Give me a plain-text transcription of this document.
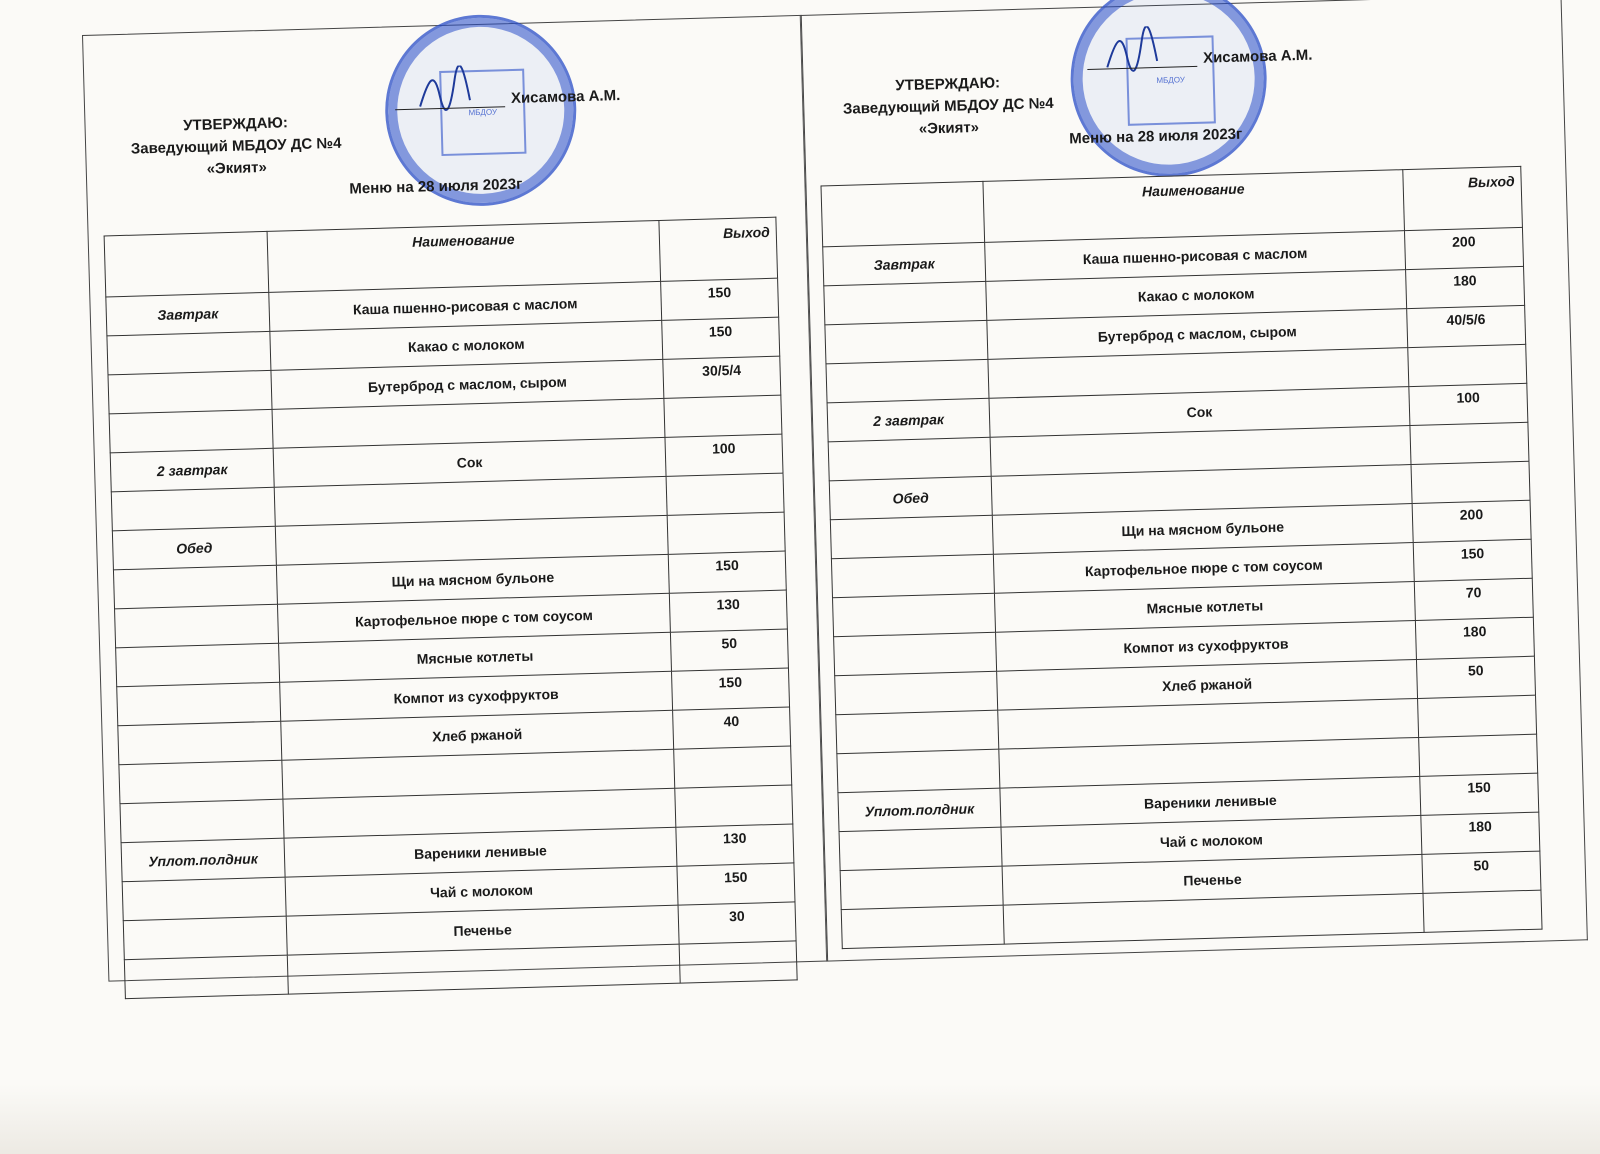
УТВЕРЖДАЮ:
Заведующий МБДОУ ДС №4
«Экият»
МБДОУ
Хисамова А.М.
Меню на 28 июля 2023г
	Наименование	Выход
Завтрак	Каша пшенно-рисовая с маслом	150
	Какао с молоком	150
	Бутерброд с маслом, сыром	30/5/4

2 завтрак	Сок	100

Обед		
	Щи на мясном бульоне	150
	Картофельное пюре с том соусом	130
	Мясные котлеты	50
	Компот из сухофруктов	150
	Хлеб ржаной	40

Уплот.полдник	Вареники ленивые	130
	Чай с молоком	150
	Печенье	30

УТВЕРЖДАЮ:
Заведующий МБДОУ ДС №4
«Экият»
МБДОУ
Хисамова А.М.
Меню на 28 июля 2023г
	Наименование	Выход
Завтрак	Каша пшенно-рисовая с маслом	200
	Какао с молоком	180
	Бутерброд с маслом, сыром	40/5/6

2 завтрак	Сок	100

Обед		
	Щи на мясном бульоне	200
	Картофельное пюре с том соусом	150
	Мясные котлеты	70
	Компот из сухофруктов	180
	Хлеб ржаной	50

Уплот.полдник	Вареники ленивые	150
	Чай с молоком	180
	Печенье	50
